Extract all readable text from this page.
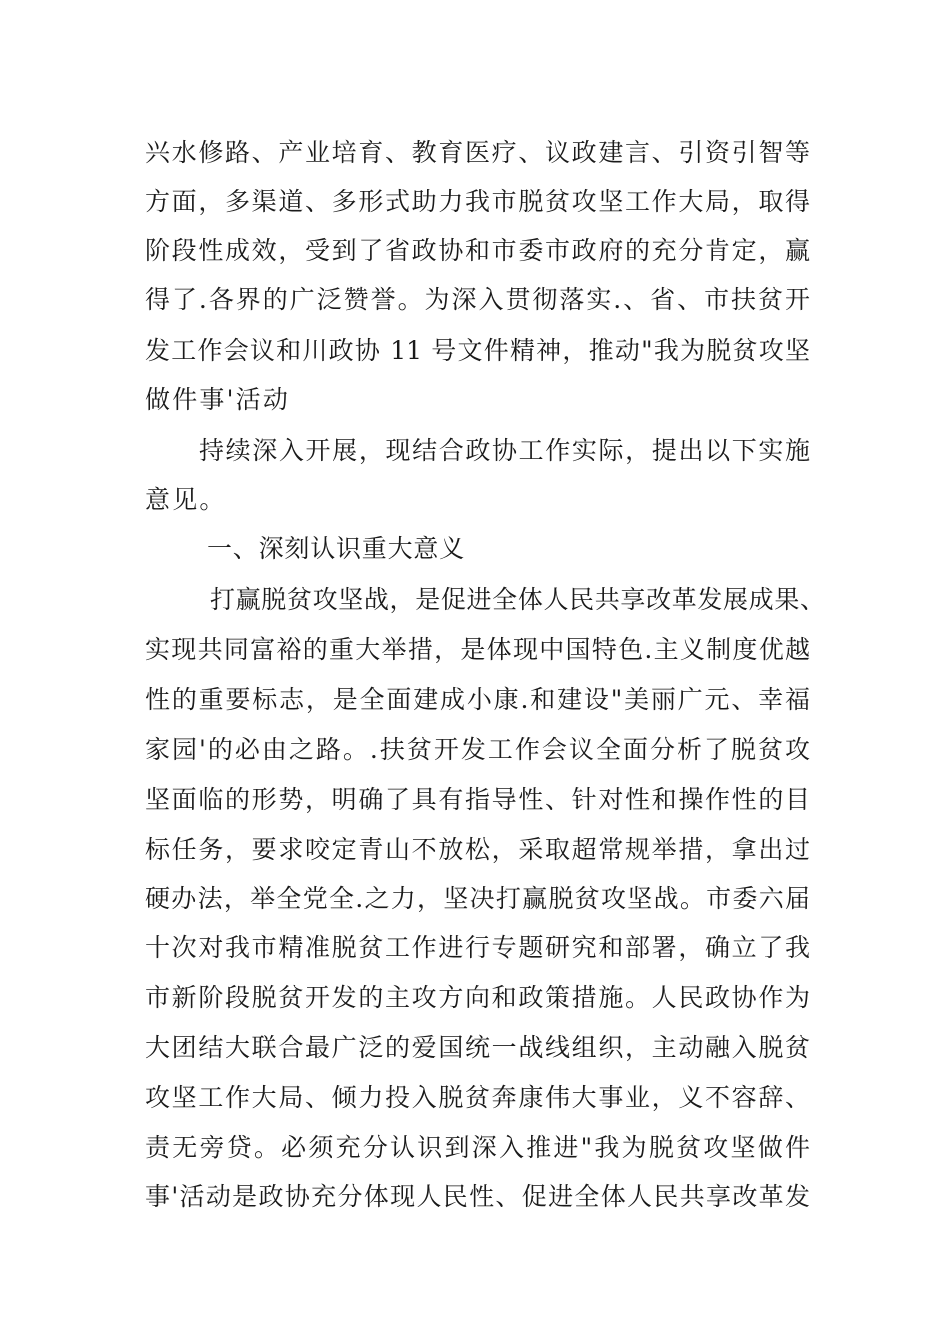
兴水修路、产业培育、教育医疗、议政建言、引资引智等
方面，多渠道、多形式助力我市脱贫攻坚工作大局，取得
阶段性成效，受到了省政协和市委市政府的充分肯定，赢
得了.各界的广泛赞誉。为深入贯彻落实.、省、市扶贫开
发工作会议和川政协 11 号文件精神，推动"我为脱贫攻坚
做件事'活动
持续深入开展，现结合政协工作实际，提出以下实施
意见。
一、深刻认识重大意义
打赢脱贫攻坚战，是促进全体人民共享改革发展成果、
实现共同富裕的重大举措，是体现中国特色.主义制度优越
性的重要标志，是全面建成小康.和建设"美丽广元、幸福
家园'的必由之路。.扶贫开发工作会议全面分析了脱贫攻
坚面临的形势，明确了具有指导性、针对性和操作性的目
标任务，要求咬定青山不放松，采取超常规举措，拿出过
硬办法，举全党全.之力，坚决打赢脱贫攻坚战。市委六届
十次对我市精准脱贫工作进行专题研究和部署，确立了我
市新阶段脱贫开发的主攻方向和政策措施。人民政协作为
大团结大联合最广泛的爱国统一战线组织，主动融入脱贫
攻坚工作大局、倾力投入脱贫奔康伟大事业，义不容辞、
责无旁贷。必须充分认识到深入推进"我为脱贫攻坚做件
事'活动是政协充分体现人民性、促进全体人民共享改革发
